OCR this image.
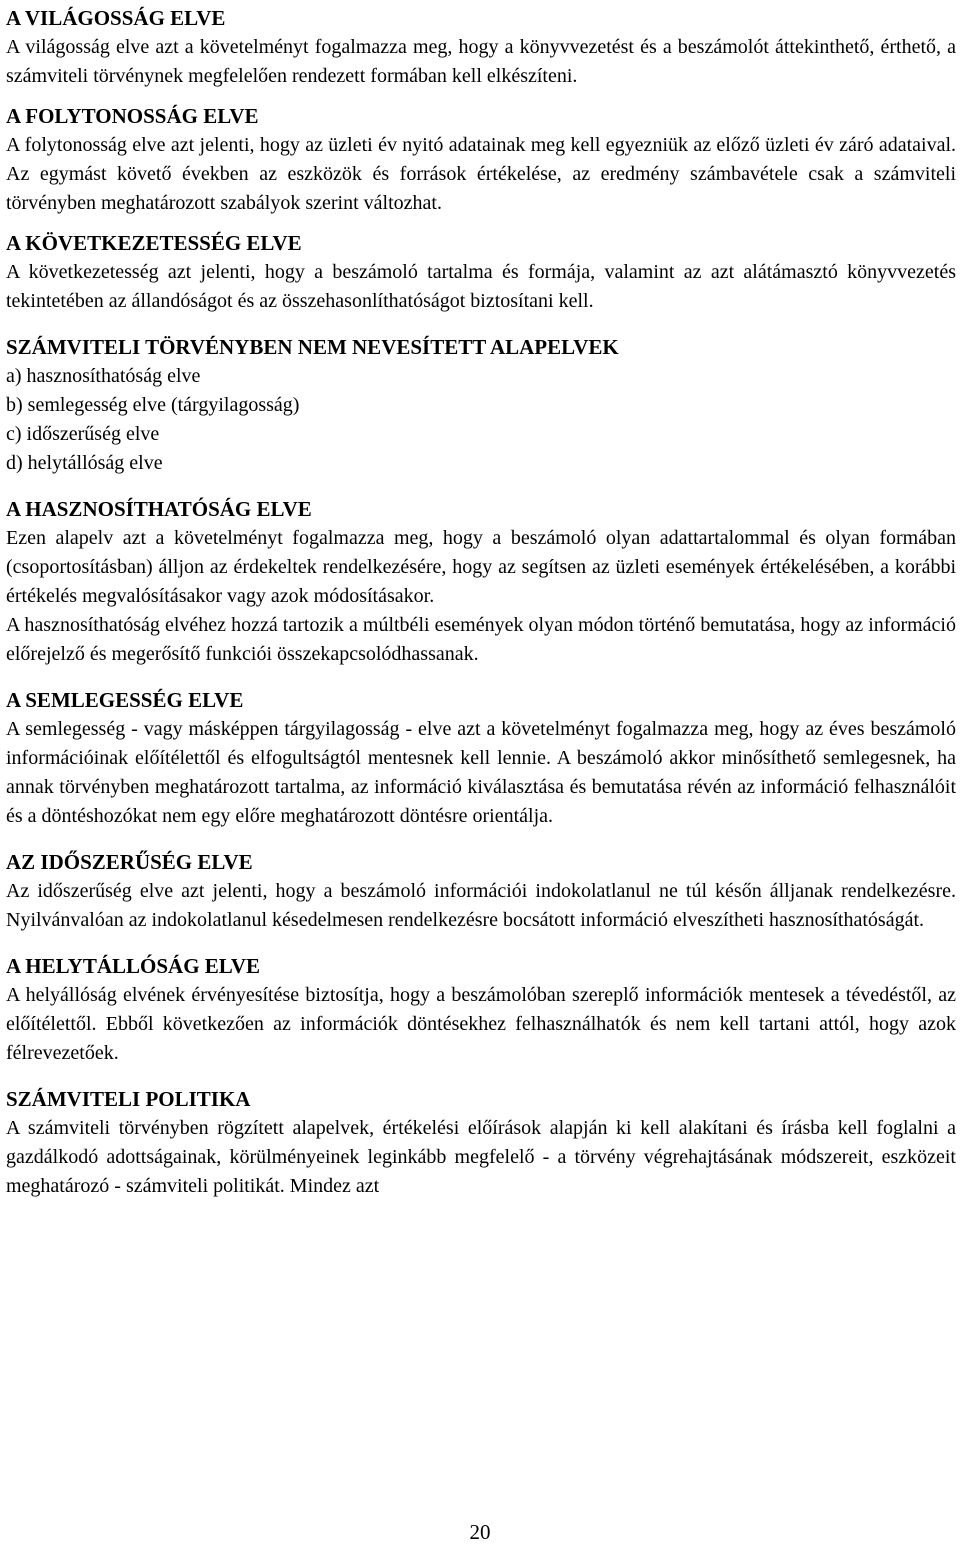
A VILÁGOSSÁG ELVE

A világosság elve azt a követelményt fogalmazza meg, hogy a könyvvezetést és a beszámolót áttekinthető, érthető, a számviteli törvénynek megfelelően rendezett formában kell elkészíteni.

A FOLYTONOSSÁG ELVE

A folytonosság elve azt jelenti, hogy az üzleti év nyitó adatainak meg kell egyezniük az előző üzleti év záró adataival. Az egymást követő években az eszközök és források értékelése, az eredmény számbavétele csak a számviteli törvényben meghatározott szabályok szerint változhat.

A KÖVETKEZETESSÉG ELVE

A következetesség azt jelenti, hogy a beszámoló tartalma és formája, valamint az azt alátámasztó könyvvezetés tekintetében az állandóságot és az összehasonlíthatóságot biztosítani kell.

SZÁMVITELI TÖRVÉNYBEN NEM NEVESÍTETT ALAPELVEK
a) hasznosíthatóság elve
b) semlegesség elve (tárgyilagosság)
c) időszerűség elve
d) helytállóság elve
A HASZNOSÍTHATÓSÁG ELVE

Ezen alapelv azt a követelményt fogalmazza meg, hogy a beszámoló olyan adattartalommal és olyan formában (csoportosításban) álljon az érdekeltek rendelkezésére, hogy az segítsen az üzleti események értékelésében, a korábbi értékelés megvalósításakor vagy azok módosításakor.

A hasznosíthatóság elvéhez hozzá tartozik a múltbéli események olyan módon történő bemutatása, hogy az információ előrejelző és megerősítő funkciói összekapcsolódhassanak.

A SEMLEGESSÉG ELVE

A semlegesség - vagy másképpen tárgyilagosság - elve azt a követelményt fogalmazza meg, hogy az éves beszámoló információinak előítélettől és elfogultságtól mentesnek kell lennie. A beszámoló akkor minősíthető semlegesnek, ha annak törvényben meghatározott tartalma, az információ kiválasztása és bemutatása révén az információ felhasználóit és a döntéshozókat nem egy előre meghatározott döntésre orientálja.

AZ IDŐSZERŰSÉG ELVE

Az időszerűség elve azt jelenti, hogy a beszámoló információi indokolatlanul ne túl későn álljanak rendelkezésre. Nyilvánvalóan az indokolatlanul késedelmesen rendelkezésre bocsátott információ elveszítheti hasznosíthatóságát.

A HELYTÁLLÓSÁG ELVE

A helyállóság elvének érvényesítése biztosítja, hogy a beszámolóban szereplő információk mentesek a tévedéstől, az előítélettől. Ebből következően az információk döntésekhez felhasználhatók és nem kell tartani attól, hogy azok félrevezetőek.

SZÁMVITELI POLITIKA

A számviteli törvényben rögzített alapelvek, értékelési előírások alapján ki kell alakítani és írásba kell foglalni a gazdálkodó adottságainak, körülményeinek leginkább megfelelő - a törvény végrehajtásának módszereit, eszközeit meghatározó - számviteli politikát. Mindez azt

20
